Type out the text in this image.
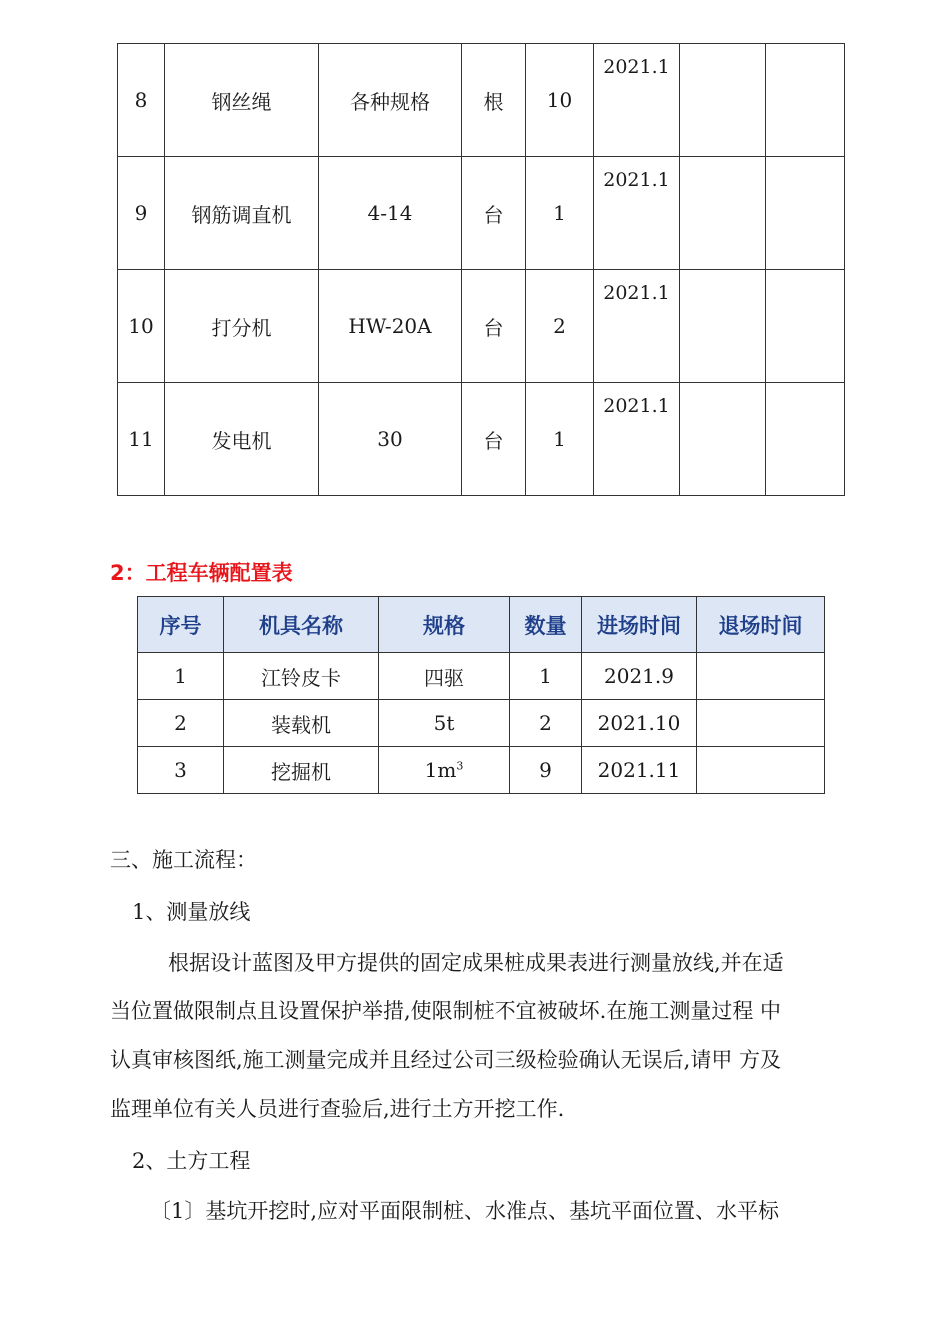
8	钢丝绳	各种规格	根	10	2021.1		
9	钢筋调直机	4-14	台	1	2021.1		
10	打分机	HW-20A	台	2	2021.1		
11	发电机	30	台	1	2021.1		
2：工程车辆配置表
序号	机具名称	规格	数量	进场时间	退场时间
1	江铃皮卡	四驱	1	2021.9	
2	装载机	5t	2	2021.10	
3	挖掘机	$1m^3$	9	2021.11	

三、施工流程：

1、测量放线

根据设计蓝图及甲方提供的固定成果桩成果表进行测量放线,并在适

当位置做限制点且设置保护举措,使限制桩不宜被破坏.在施工测量过程 中

认真审核图纸,施工测量完成并且经过公司三级检验确认无误后,请甲 方及

监理单位有关人员进行查验后,进行土方开挖工作.

2、土方工程

〔1〕基坑开挖时,应对平面限制桩、水准点、基坑平面位置、水平标
